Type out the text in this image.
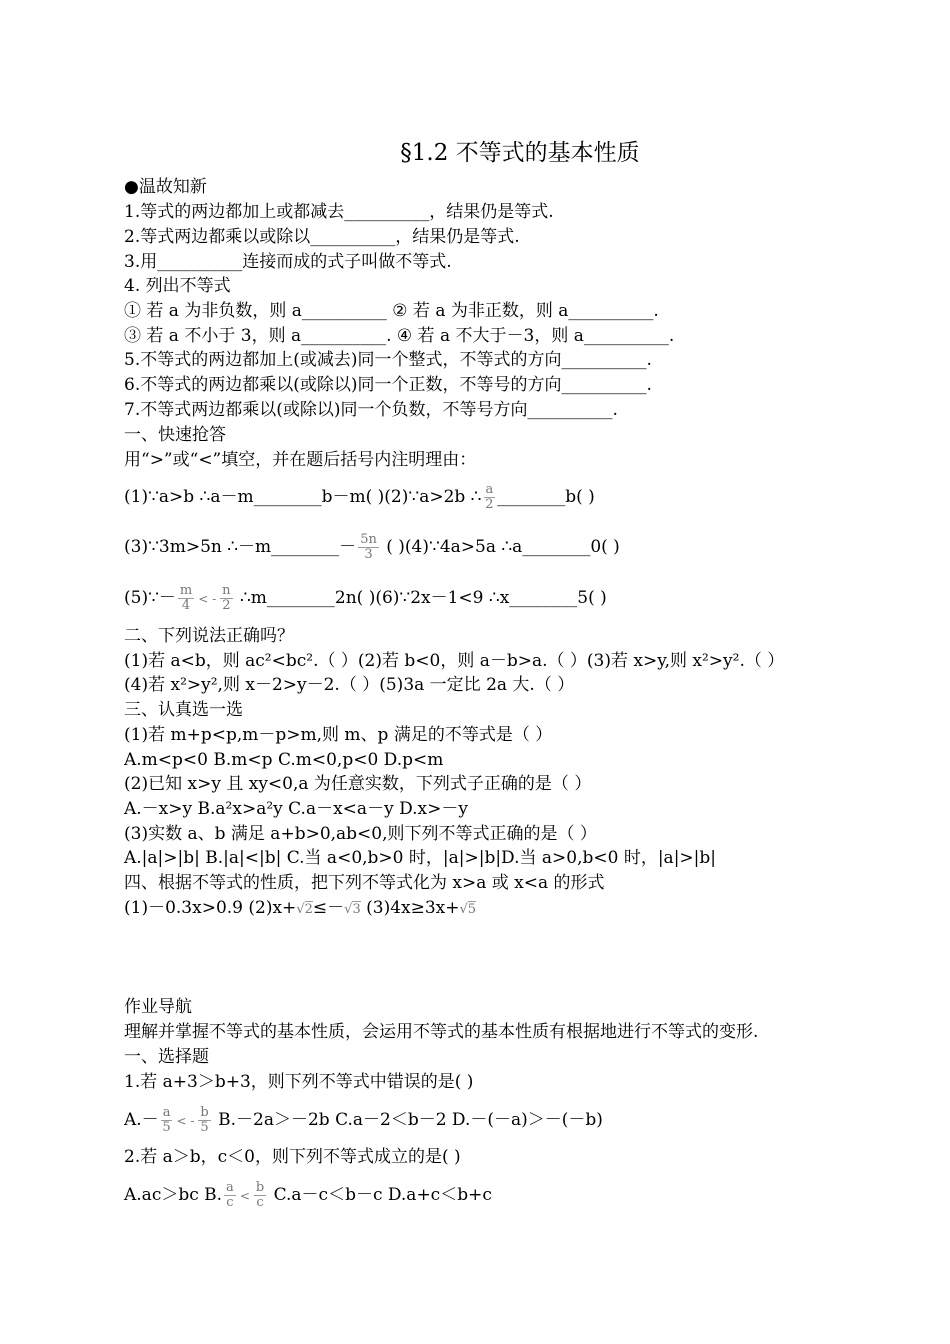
§1.2 不等式的基本性质
●温故知新
1.等式的两边都加上或都减去__________，结果仍是等式.
2.等式两边都乘以或除以__________，结果仍是等式.
3.用__________连接而成的式子叫做不等式.
4. 列出不等式
① 若 a 为非负数，则 a__________ ② 若 a 为非正数，则 a__________.
③ 若 a 不小于 3，则 a__________. ④ 若 a 不大于－3，则 a__________.
5.不等式的两边都加上(或减去)同一个整式，不等式的方向__________.
6.不等式的两边都乘以(或除以)同一个正数，不等号的方向__________.
7.不等式两边都乘以(或除以)同一个负数，不等号方向__________.
一、快速抢答
用“>”或“<”填空，并在题后括号内注明理由：
(1)∵a>b ∴a－m________b－m( )(2)∵a>2b ∴ $\frac{a}{2}$ ________b( )
(3)∵3m>5n ∴－m________－ $\frac{5n}{3}$ ( )(4)∵4a>5a ∴a________0( )
(5)∵－ $\frac{m}{4}$ < - $\frac{n}{2}$ ∴m________2n( )(6)∵2x－1<9 ∴x________5( )
二、下列说法正确吗？
(1)若 a<b，则 ac²<bc².（ ）(2)若 b<0，则 a－b>a.（ ）(3)若 x>y,则 x²>y².（ ）
(4)若 x²>y²,则 x－2>y－2.（ ）(5)3a 一定比 2a 大.（ ）
三、认真选一选
(1)若 m+p<p,m－p>m,则 m、p 满足的不等式是（ ）
A.m<p<0 B.m<p C.m<0,p<0 D.p<m
(2)已知 x>y 且 xy<0,a 为任意实数，下列式子正确的是（ ）
A.－x>y B.a²x>a²y C.a－x<a－y D.x>－y
(3)实数 a、b 满足 a+b>0,ab<0,则下列不等式正确的是（ ）
A.|a|>|b| B.|a|<|b| C.当 a<0,b>0 时，|a|>|b|D.当 a>0,b<0 时，|a|>|b|
四、根据不等式的性质，把下列不等式化为 x>a 或 x<a 的形式
(1)－0.3x>0.9 (2)x+√2≤－√3 (3)4x≥3x+√5
作业导航
理解并掌握不等式的基本性质，会运用不等式的基本性质有根据地进行不等式的变形.
一、选择题
1.若 a+3＞b+3，则下列不等式中错误的是( )
$A.- \frac{a}{5}$ < - $\frac{b}{5} B.-2a>-2b$ C.a－2＜b－2 D.－(－a)＞－(－b)
2.若 a＞b，c＜0，则下列不等式成立的是( )
A.ac＞bc B. $\frac{a}{c} < \frac{b}{c} C.a-c<b-c$ D.a+c＜b+c
